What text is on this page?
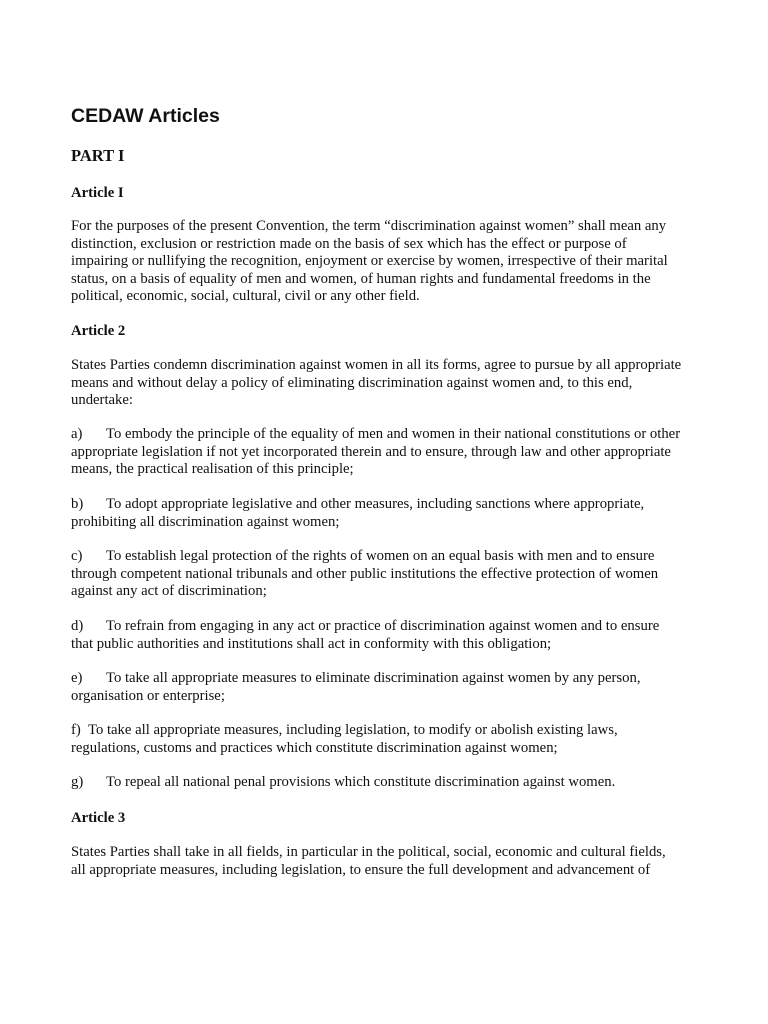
CEDAW Articles
PART I
Article I

For the purposes of the present Convention, the term “discrimination against women” shall mean any
distinction, exclusion or restriction made on the basis of sex which has the effect or purpose of
impairing or nullifying the recognition, enjoyment or exercise by women, irrespective of their marital
status, on a basis of equality of men and women, of human rights and fundamental freedoms in the
political, economic, social, cultural, civil or any other field.

Article 2

States Parties condemn discrimination against women in all its forms, agree to pursue by all appropriate
means and without delay a policy of eliminating discrimination against women and, to this end,
undertake:

a) To embody the principle of the equality of men and women in their national constitutions or other
appropriate legislation if not yet incorporated therein and to ensure, through law and other appropriate
means, the practical realisation of this principle;

b) To adopt appropriate legislative and other measures, including sanctions where appropriate,
prohibiting all discrimination against women;

c) To establish legal protection of the rights of women on an equal basis with men and to ensure
through competent national tribunals and other public institutions the effective protection of women
against any act of discrimination;

d) To refrain from engaging in any act or practice of discrimination against women and to ensure
that public authorities and institutions shall act in conformity with this obligation;

e) To take all appropriate measures to eliminate discrimination against women by any person,
organisation or enterprise;

f) To take all appropriate measures, including legislation, to modify or abolish existing laws,
regulations, customs and practices which constitute discrimination against women;

g) To repeal all national penal provisions which constitute discrimination against women.

Article 3

States Parties shall take in all fields, in particular in the political, social, economic and cultural fields,
all appropriate measures, including legislation, to ensure the full development and advancement of
